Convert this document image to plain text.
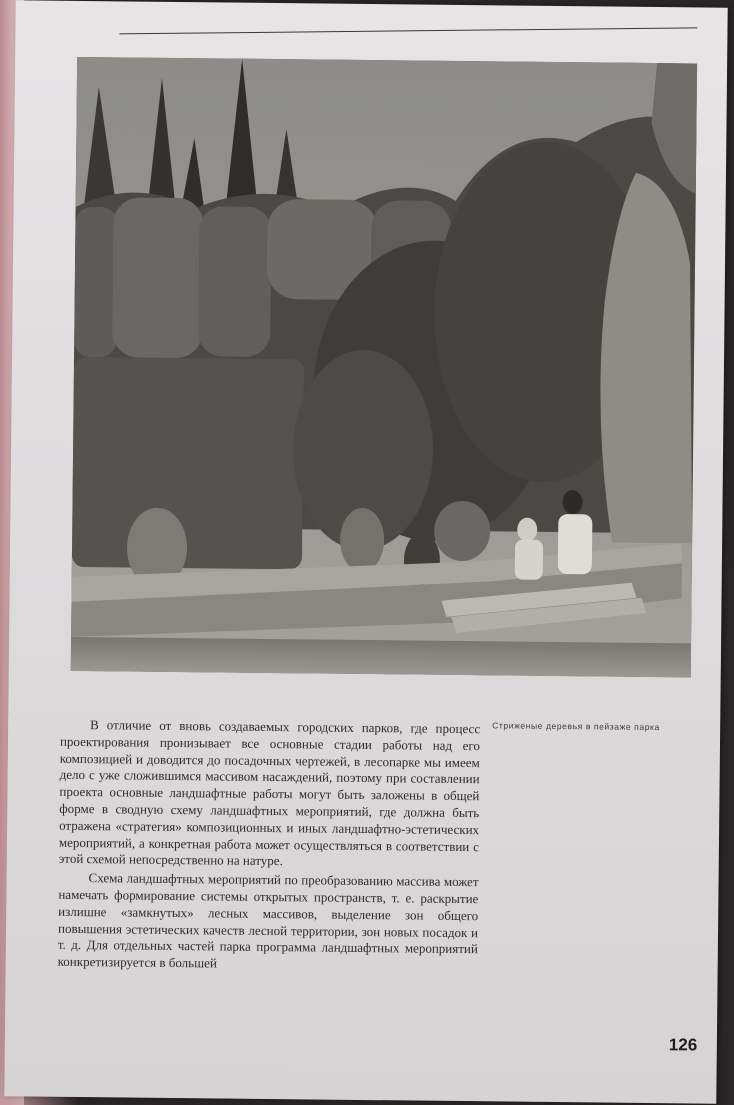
Стриженые деревья в пейзаже парка

В отличие от вновь создаваемых городских парков, где процесс проектирования пронизывает все основные стадии работы над его композицией и доводится до посадочных чертежей, в лесопарке мы имеем дело с уже сложившимся массивом насаждений, поэтому при составлении проекта основные ландшафтные работы могут быть заложены в общей форме в сводную схему ландшафтных мероприятий, где должна быть отражена «стратегия» композиционных и иных ландшафтно-эстетических мероприятий, а конкретная работа может осуществляться в соответствии с этой схемой непосредственно на натуре.

Схема ландшафтных мероприятий по преобразованию массива может намечать формирование системы открытых пространств, т. е. раскрытие излишне «замкнутых» лесных массивов, выделение зон общего повышения эстетических качеств лесной территории, зон новых посадок и т. д. Для отдельных частей парка программа ландшафтных мероприятий конкретизируется в большей

126
